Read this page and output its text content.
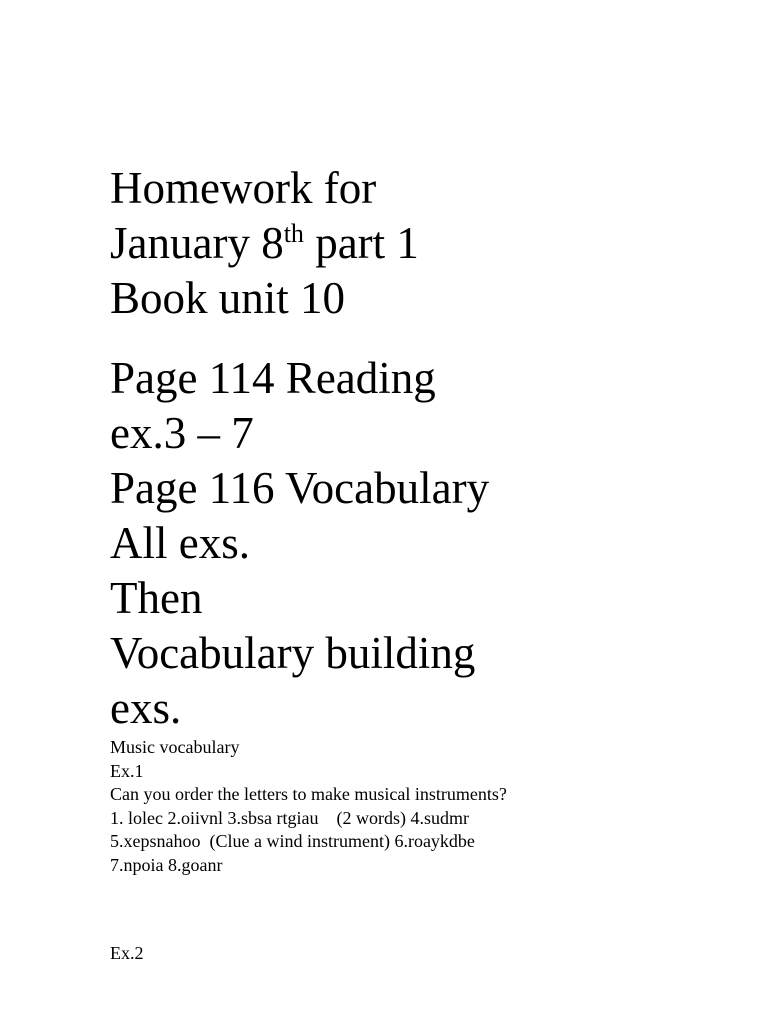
Homework for

January 8th part 1

Book unit 10

Page 114 Reading

ex.3 – 7

Page 116 Vocabulary

All exs.

Then

Vocabulary building

exs.

Music vocabulary

Ex.1

Can you order the letters to make musical instruments?

1. lolec 2.oiivnl 3.sbsa rtgiau    (2 words) 4.sudmr

5.xepsnahoo  (Clue a wind instrument) 6.roaykdbe

7.npoia 8.goanr

Ex.2
